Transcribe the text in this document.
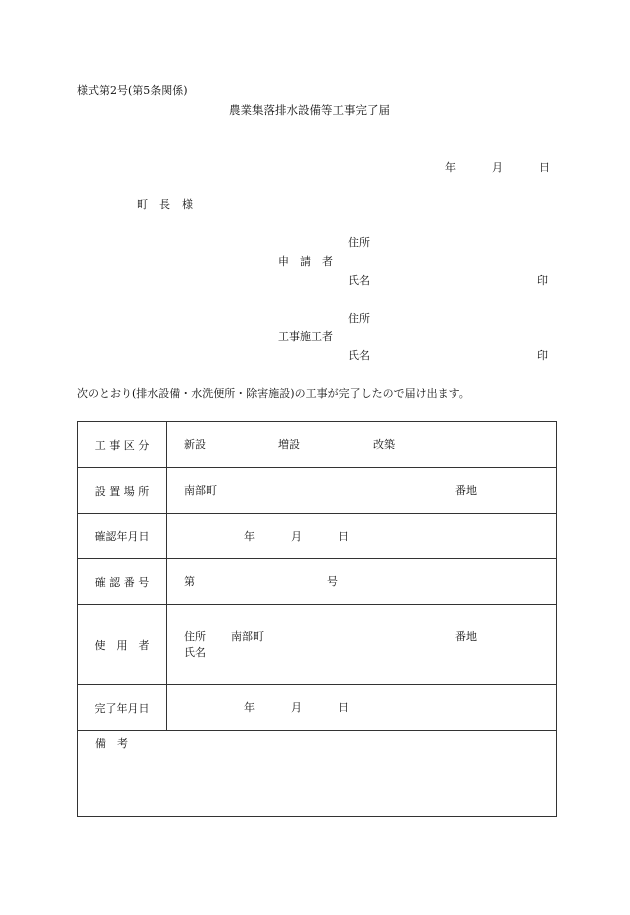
様式第2号(第5条関係)
農業集落排水設備等工事完了届
年	月	日
町 長 様
住所
申　請　者
氏名	印
住所
工事施工者
氏名	印
次のとおり(排水設備・水洗便所・除害施設)の工事が完了したので届け出ます。
工 事 区 分	新設 増設 改築

設 置 場 所	南部町 番地

確認年月日	年 月 日

確 認 番 号	第 号

使　用　者	住所 南部町 番地
氏名

完了年月日	年 月 日

備　考	
